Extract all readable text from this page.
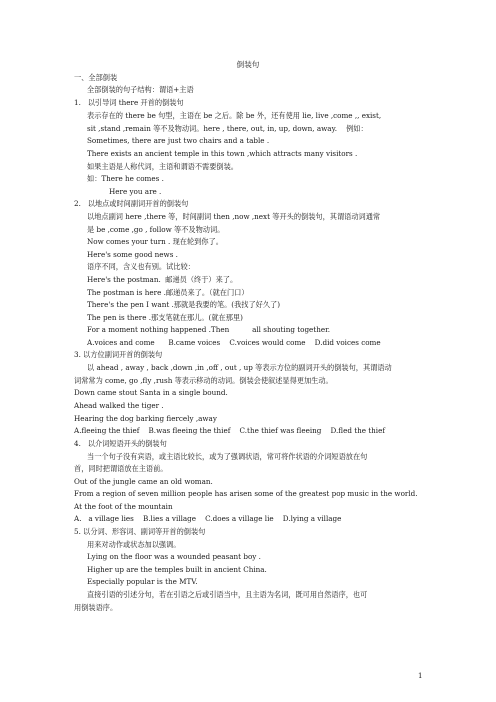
倒装句
一、全部倒装
全部倒装的句子结构：谓语+主语
1.   以引导词 there 开首的倒装句
表示存在的 there be 句型，主语在 be 之后。除 be 外，还有使用 lie, live ,come ,, exist,
sit ,stand ,remain 等不及物动词。here , there, out, in, up, down, away.    例如：
Sometimes, there are just two chairs and a table .
There exists an ancient temple in this town ,which attracts many visitors .
如果主语是人称代词，主语和谓语不需要倒装。
如：There he comes .
Here you are .
2.   以地点或时间副词开首的倒装句
以地点副词 here ,there 等，时间副词 then ,now ,next 等开头的倒装句，其谓语动词通常
是 be ,come ,go , follow 等不及物动词。
Now comes your turn . 现在轮到你了。
Here's some good news .
语序不同，含义也有别。试比较：
Here's the postman.  邮递员（终于）来了。
The postman is here .邮递员来了。（就在门口）
There's the pen I want .那就是我要的笔。(我找了好久了)
The pen is there .那支笔就在那儿。(就在那里)
For a moment nothing happened .Then          all shouting together.
A.voices and come      B.came voices    C.voices would come    D.did voices come
3. 以方位副词开首的倒装句
以 ahead , away , back ,down ,in ,off , out , up 等表示方位的副词开头的倒装句，其谓语动
词常常为 come, go ,fly ,rush 等表示移动的动词。倒装会使叙述显得更加生动。
Down came stout Santa in a single bound.
Ahead walked the tiger .
Hearing the dog barking fiercely ,away
A.fleeing the thief    B.was fleeing the thief    C.the thief was fleeing    D.fled the thief
4.   以介词短语开头的倒装句
当一个句子没有宾语，或主语比较长，或为了强调状语，常可将作状语的介词短语放在句
首，同时把谓语放在主语前。
Out of the jungle came an old woman.
From a region of seven million people has arisen some of the greatest pop music in the world.
At the foot of the mountain
A.   a village lies    B.lies a village    C.does a village lie    D.lying a village
5. 以分词、形容词、副词等开首的倒装句
用来对动作或状态加以强调。
Lying on the floor was a wounded peasant boy .
Higher up are the temples built in ancient China.
Especially popular is the MTV.
直接引语的引述分句，若在引语之后或引语当中，且主语为名词，既可用自然语序，也可
用倒装语序。
1
